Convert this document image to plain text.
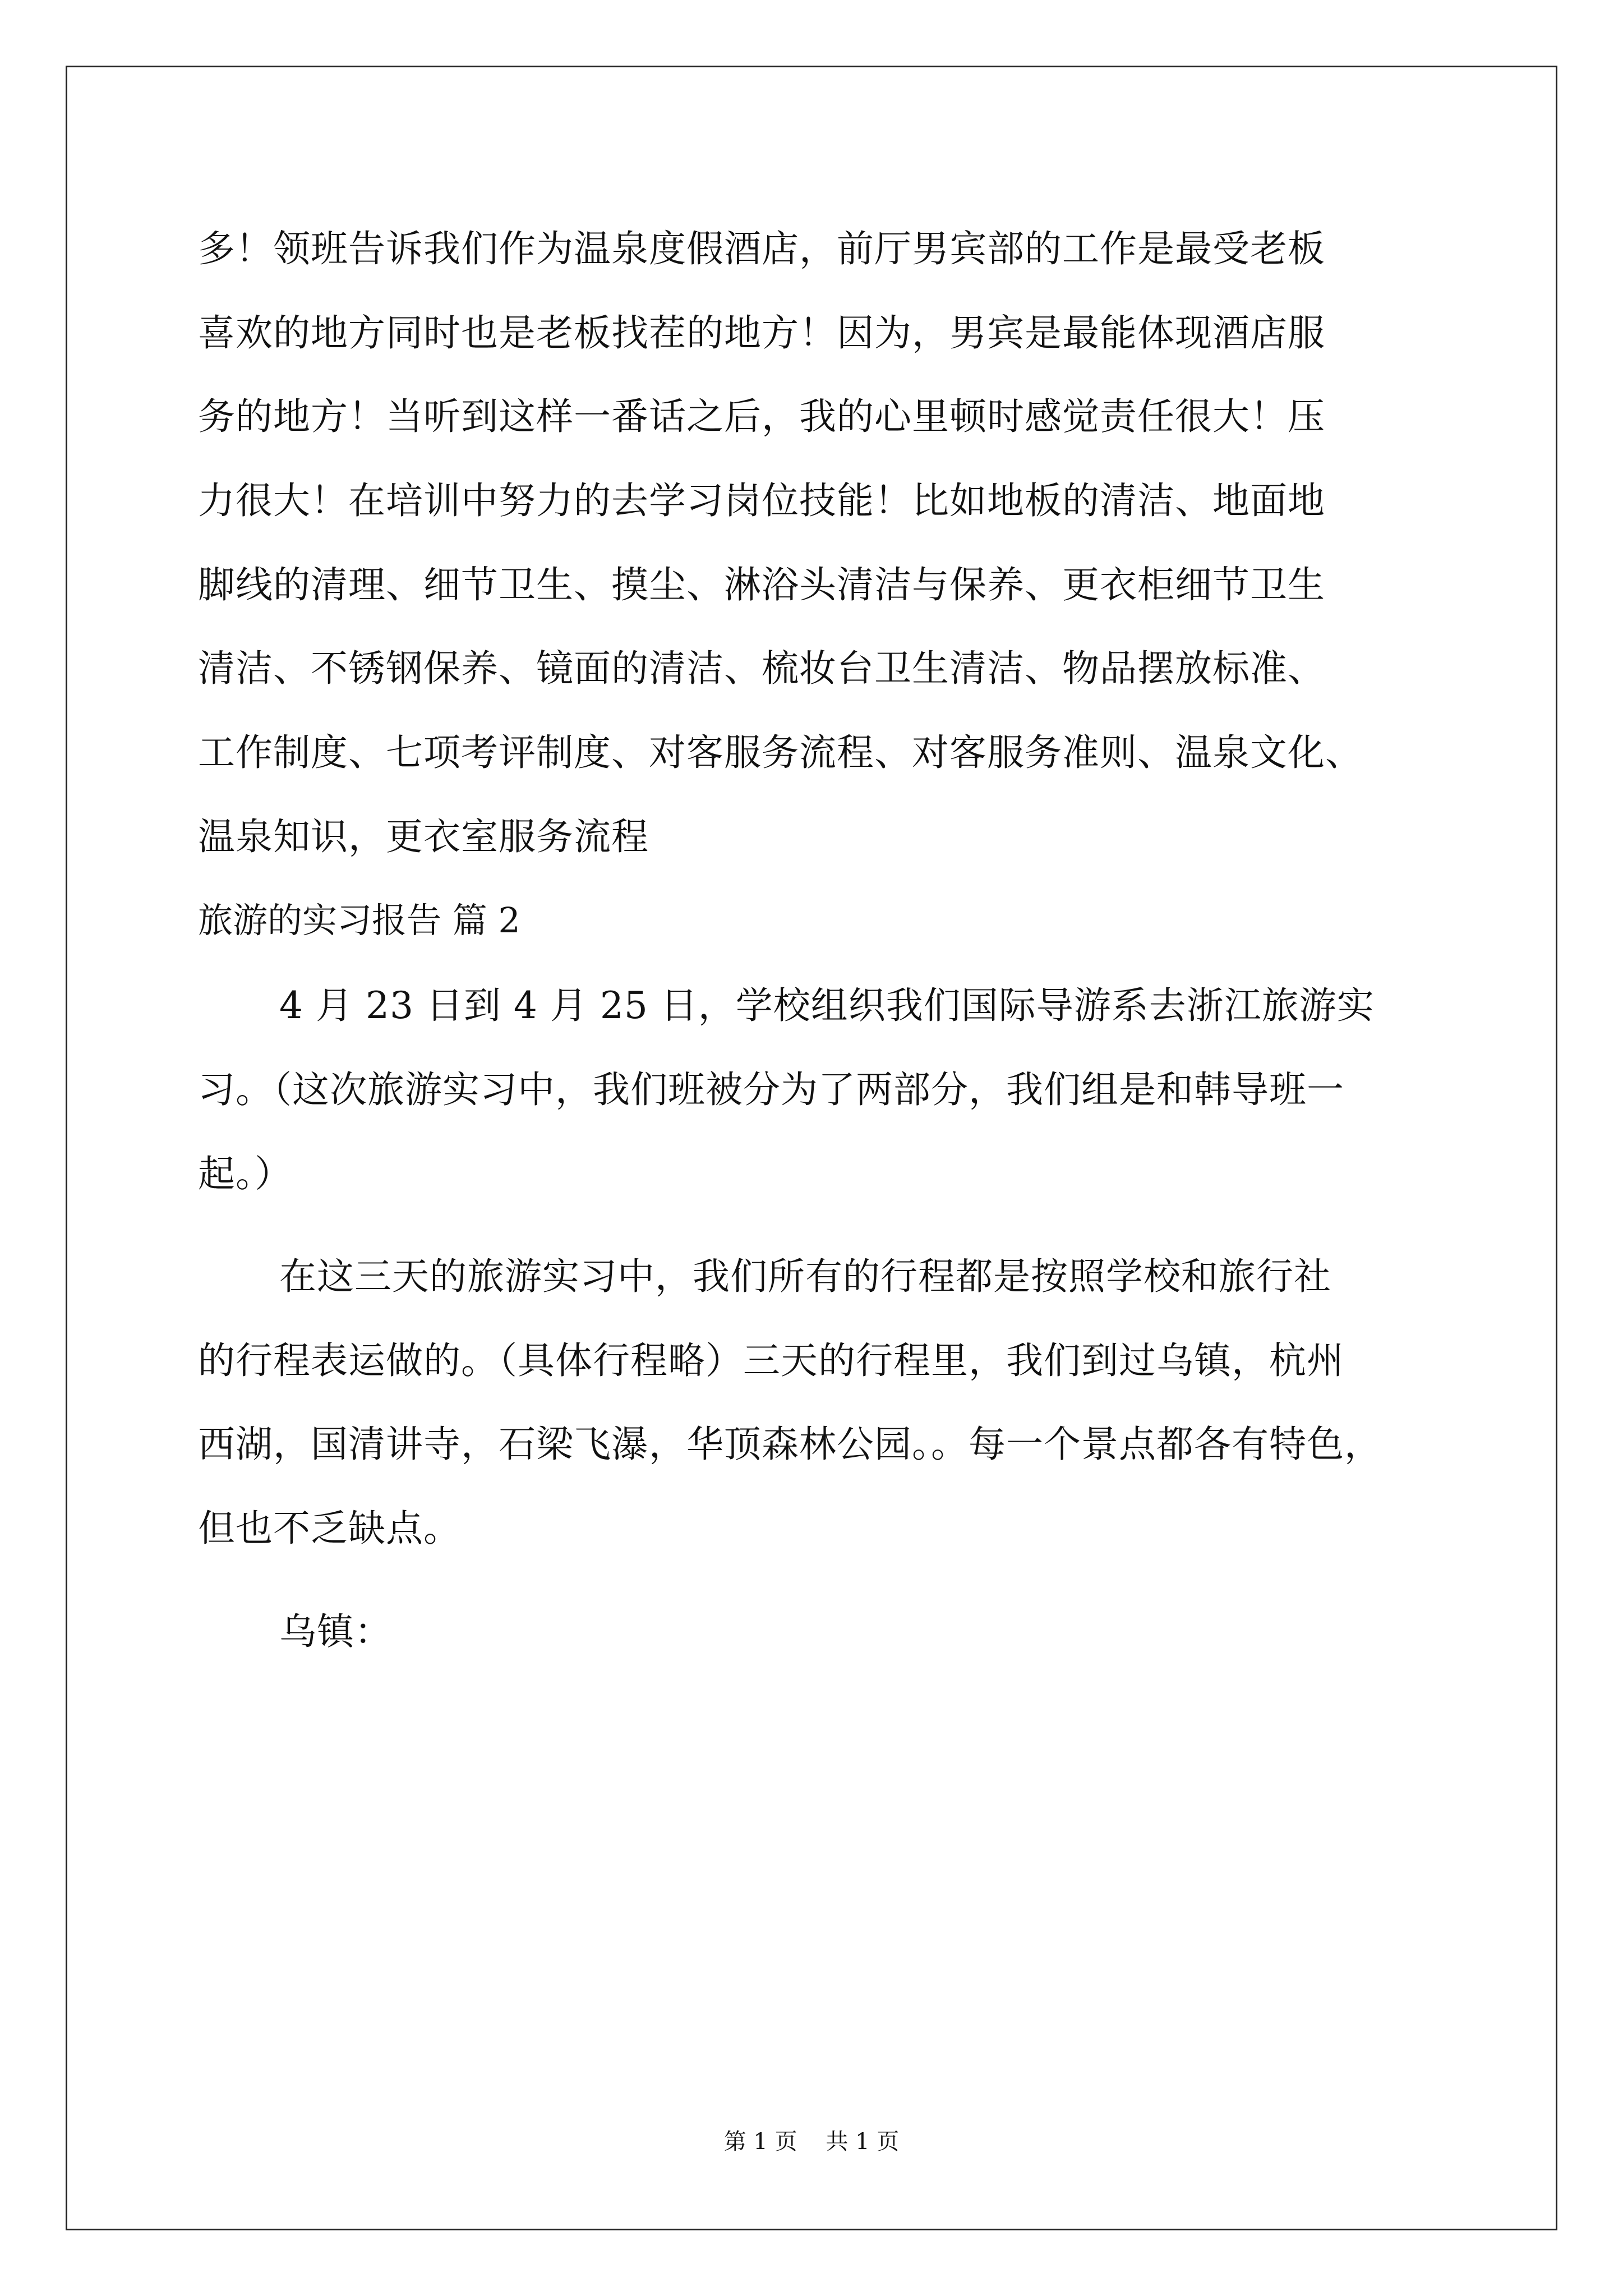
多！领班告诉我们作为温泉度假酒店，前厅男宾部的工作是最受老板
喜欢的地方同时也是老板找茬的地方！因为，男宾是最能体现酒店服
务的地方！当听到这样一番话之后，我的心里顿时感觉责任很大！压
力很大！在培训中努力的去学习岗位技能！比如地板的清洁、地面地
脚线的清理、细节卫生、摸尘、淋浴头清洁与保养、更衣柜细节卫生
清洁、不锈钢保养、镜面的清洁、梳妆台卫生清洁、物品摆放标准、
工作制度、七项考评制度、对客服务流程、对客服务准则、温泉文化、
温泉知识，更衣室服务流程
旅游的实习报告 篇 2
4 月 23 日到 4 月 25 日，学校组织我们国际导游系去浙江旅游实
习。（这次旅游实习中，我们班被分为了两部分，我们组是和韩导班一
起。）
在这三天的旅游实习中，我们所有的行程都是按照学校和旅行社
的行程表运做的。（具体行程略）三天的行程里，我们到过乌镇，杭州
西湖，国清讲寺，石梁飞瀑，华顶森林公园。。每一个景点都各有特色，
但也不乏缺点。
乌镇：
第 1 页    共 1 页
